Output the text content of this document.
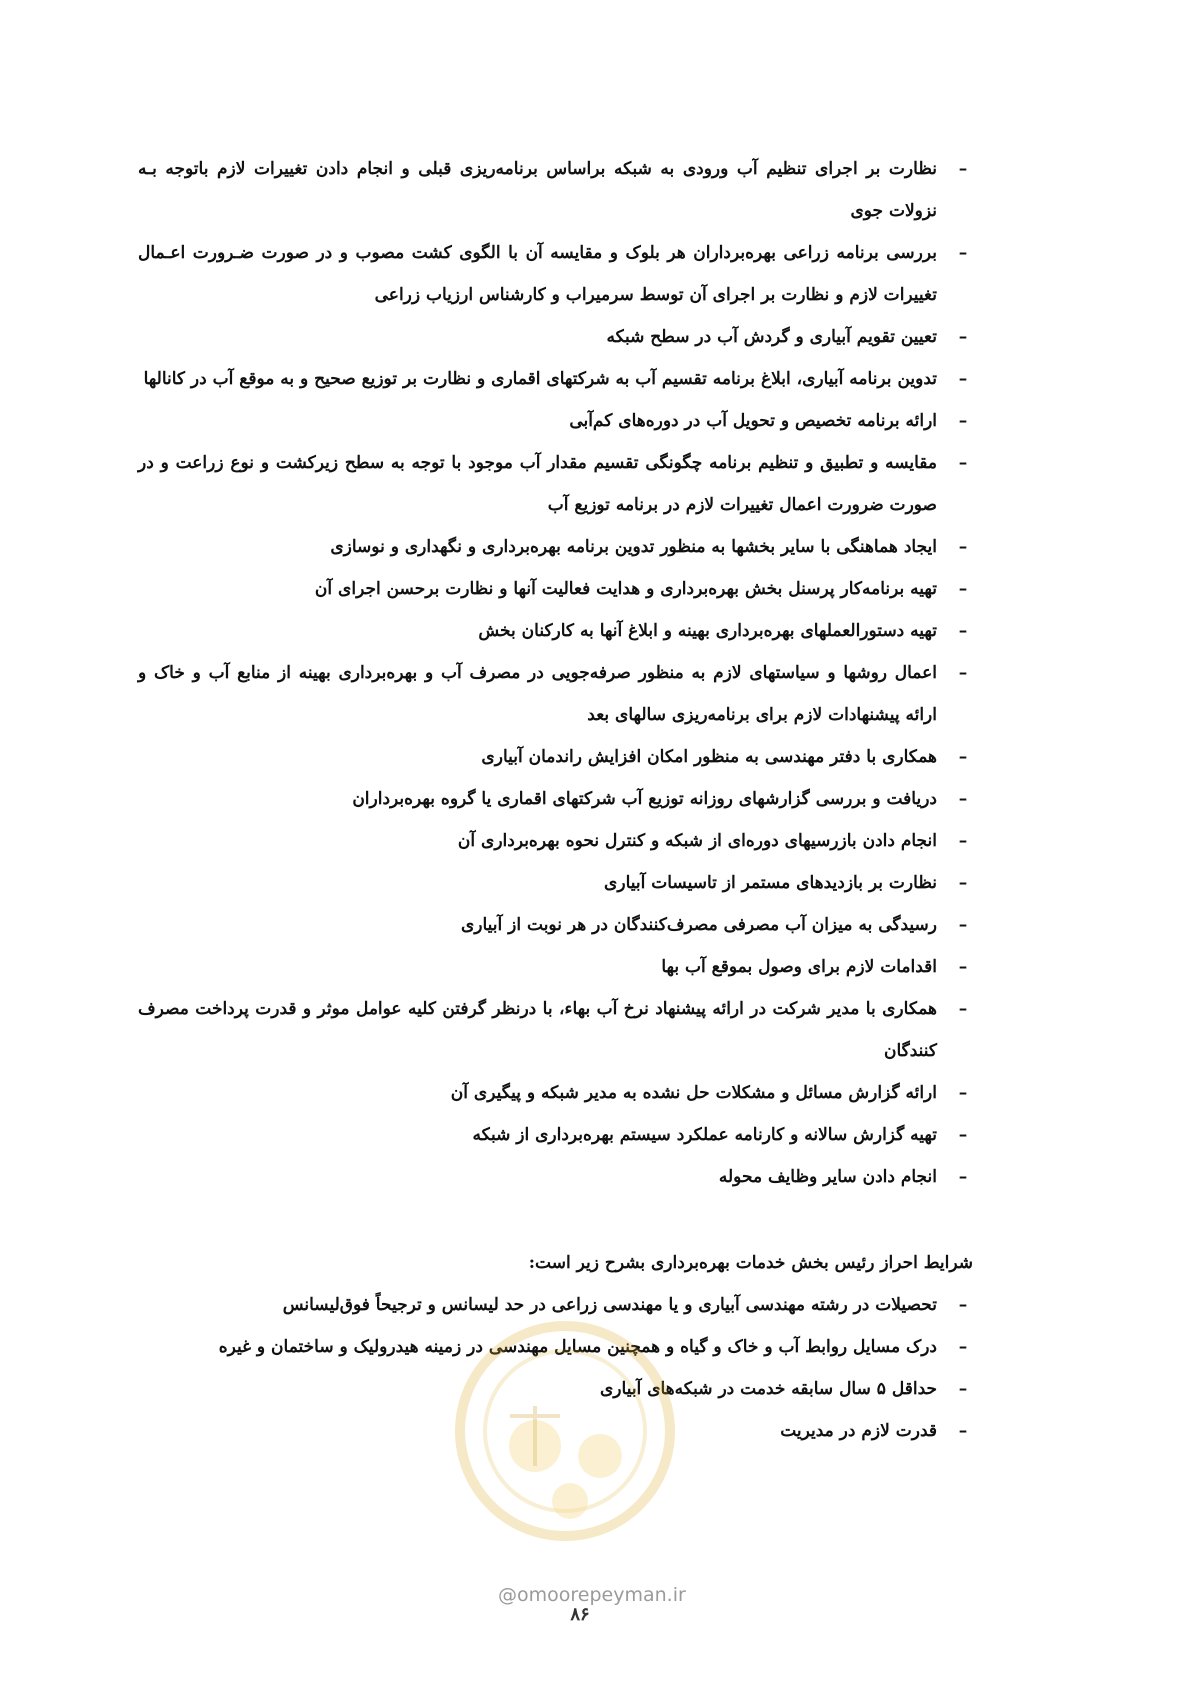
–
نظارت بر اجرای تنظیم آب ورودی به شبکه براساس برنامه‌ریزی قبلی و انجام دادن تغییرات لازم باتوجه بـه نزولات جوی
–
بررسی برنامه زراعی بهره‌برداران هر بلوک و مقایسه آن با الگوی کشت مصوب و در صورت ضـرورت اعـمال تغییرات لازم و نظارت بر اجرای آن توسط سرمیراب و کارشناس ارزیاب زراعی
–
تعیین تقویم آبیاری و گردش آب در سطح شبکه
–
تدوین برنامه آبیاری، ابلاغ برنامه تقسیم آب به شرکتهای اقماری و نظارت بر توزیع صحیح و به موقع آب در کانالها
–
ارائه برنامه تخصیص و تحویل آب در دوره‌های کم‌آبی
–
مقایسه و تطبیق و تنظیم برنامه چگونگی تقسیم مقدار آب موجود با توجه به سطح زیرکشت و نوع زراعت و در صورت ضرورت اعمال تغییرات لازم در برنامه توزیع آب
–
ایجاد هماهنگی با سایر بخشها به منظور تدوین برنامه بهره‌برداری و نگهداری و نوسازی
–
تهیه برنامه‌کار پرسنل بخش بهره‌برداری و هدایت فعالیت آنها و نظارت برحسن اجرای آن
–
تهیه دستورالعملهای بهره‌برداری بهینه و ابلاغ آنها به کارکنان بخش
–
اعمال روشها و سیاستهای لازم به منظور صرفه‌جویی در مصرف آب و بهره‌برداری بهینه از منابع آب و خاک و ارائه پیشنهادات لازم برای برنامه‌ریزی سالهای بعد
–
همکاری با دفتر مهندسی به منظور امکان افزایش راندمان آبیاری
–
دریافت و بررسی گزارشهای روزانه توزیع آب شرکتهای اقماری یا گروه بهره‌برداران
–
انجام دادن بازرسیهای دوره‌ای از شبکه و کنترل نحوه بهره‌برداری آن
–
نظارت بر بازدیدهای مستمر از تاسیسات آبیاری
–
رسیدگی به میزان آب مصرفی مصرف‌کنندگان در هر نوبت از آبیاری
–
اقدامات لازم برای وصول بموقع آب بها
–
همکاری با مدیر شرکت در ارائه پیشنهاد نرخ آب بهاء، با درنظر گرفتن کلیه عوامل موثر و قدرت پرداخت مصرف کنندگان
–
ارائه گزارش مسائل و مشکلات حل نشده به مدیر شبکه و پیگیری آن
–
تهیه گزارش سالانه و کارنامه عملکرد سیستم بهره‌برداری از شبکه
–
انجام دادن سایر وظایف محوله
شرایط احراز رئیس بخش خدمات بهره‌برداری بشرح زیر است:
–
تحصیلات در رشته مهندسی آبیاری و یا مهندسی زراعی در حد لیسانس و ترجیحاً فوق‌لیسانس
–
درک مسایل روابط آب و خاک و گیاه و همچنین مسایل مهندسی در زمینه هیدرولیک و ساختمان و غیره
–
حداقل ۵ سال سابقه خدمت در شبکه‌های آبیاری
–
قدرت لازم در مدیریت
@omoorepeyman.ir
۸۶
